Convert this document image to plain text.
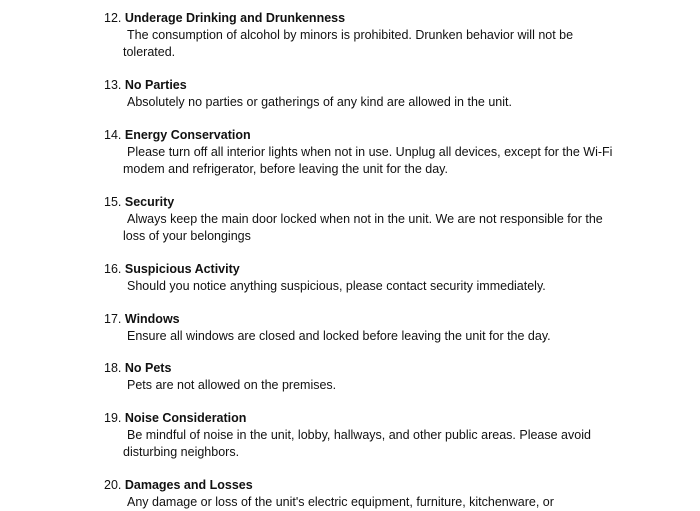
12. Underage Drinking and Drunkenness
The consumption of alcohol by minors is prohibited. Drunken behavior will not be tolerated.
13. No Parties
Absolutely no parties or gatherings of any kind are allowed in the unit.
14. Energy Conservation
Please turn off all interior lights when not in use. Unplug all devices, except for the Wi-Fi modem and refrigerator, before leaving the unit for the day.
15. Security
Always keep the main door locked when not in the unit. We are not responsible for the loss of your belongings
16. Suspicious Activity
Should you notice anything suspicious, please contact security immediately.
17. Windows
Ensure all windows are closed and locked before leaving the unit for the day.
18. No Pets
Pets are not allowed on the premises.
19. Noise Consideration
Be mindful of noise in the unit, lobby, hallways, and other public areas. Please avoid disturbing neighbors.
20. Damages and Losses
Any damage or loss of the unit's electric equipment, furniture, kitchenware, or
